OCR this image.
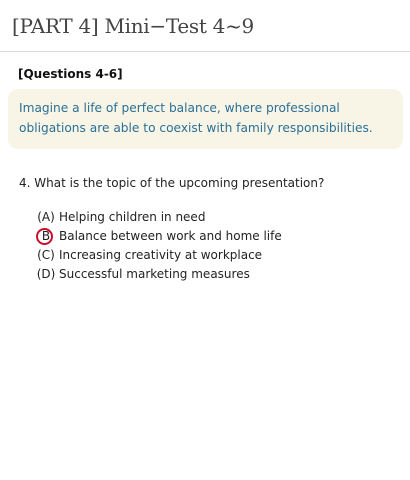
[PART 4] Mini−Test 4~9
[Questions 4-6]
Imagine a life of perfect balance, where professional obligations are able to coexist with family responsibilities.
4. What is the topic of the upcoming presentation?
(A) Helping children in need
B Balance between work and home life
(C) Increasing creativity at workplace
(D) Successful marketing measures
